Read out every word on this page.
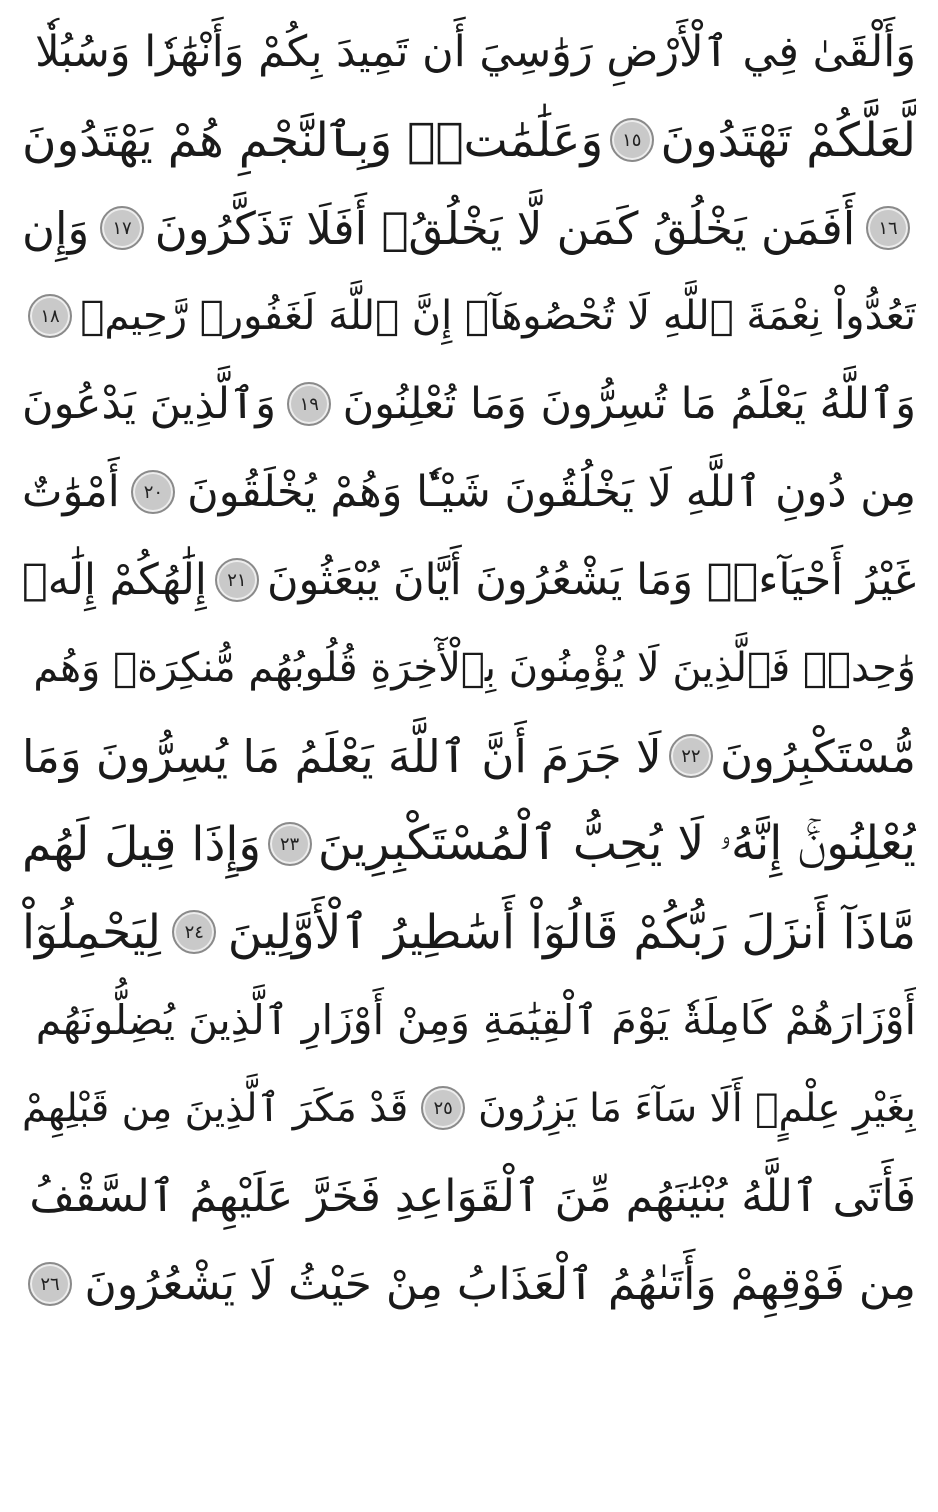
وَأَلْقَىٰ فِي ٱلْأَرْضِ رَوَٰسِيَ أَن تَمِيدَ بِكُمْ وَأَنْهَٰرٗا وَسُبُلٗا
لَّعَلَّكُمْ تَهْتَدُونَ
١٥
وَعَلَٰمَٰتٖۚ وَبِٱلنَّجْمِ هُمْ يَهْتَدُونَ
١٦
أَفَمَن يَخْلُقُ كَمَن لَّا يَخْلُقُۚ أَفَلَا تَذَكَّرُونَ
١٧
وَإِن
تَعُدُّواْ نِعْمَةَ ٱللَّهِ لَا تُحْصُوهَآۗ إِنَّ ٱللَّهَ لَغَفُورٞ رَّحِيمٞ
١٨
وَٱللَّهُ يَعْلَمُ مَا تُسِرُّونَ وَمَا تُعْلِنُونَ
١٩
وَٱلَّذِينَ يَدْعُونَ
مِن دُونِ ٱللَّهِ لَا يَخْلُقُونَ شَيْـٔٗا وَهُمْ يُخْلَقُونَ
٢٠
أَمْوَٰتٌ
غَيْرُ أَحْيَآءٖۖ وَمَا يَشْعُرُونَ أَيَّانَ يُبْعَثُونَ
٢١
إِلَٰهُكُمْ إِلَٰهٞ
وَٰحِدٞۚ فَٱلَّذِينَ لَا يُؤْمِنُونَ بِٱلْأٓخِرَةِ قُلُوبُهُم مُّنكِرَةٞ وَهُم
مُّسْتَكْبِرُونَ
٢٢
لَا جَرَمَ أَنَّ ٱللَّهَ يَعْلَمُ مَا يُسِرُّونَ وَمَا
يُعْلِنُونَۚ إِنَّهُۥ لَا يُحِبُّ ٱلْمُسْتَكْبِرِينَ
٢٣
وَإِذَا قِيلَ لَهُم
مَّاذَآ أَنزَلَ رَبُّكُمْ قَالُوٓاْ أَسَٰطِيرُ ٱلْأَوَّلِينَ
٢٤
لِيَحْمِلُوٓاْ
أَوْزَارَهُمْ كَامِلَةٗ يَوْمَ ٱلْقِيَٰمَةِ وَمِنْ أَوْزَارِ ٱلَّذِينَ يُضِلُّونَهُم
بِغَيْرِ عِلْمٍۗ أَلَا سَآءَ مَا يَزِرُونَ
٢٥
قَدْ مَكَرَ ٱلَّذِينَ مِن قَبْلِهِمْ
فَأَتَى ٱللَّهُ بُنْيَٰنَهُم مِّنَ ٱلْقَوَاعِدِ فَخَرَّ عَلَيْهِمُ ٱلسَّقْفُ
مِن فَوْقِهِمْ وَأَتَىٰهُمُ ٱلْعَذَابُ مِنْ حَيْثُ لَا يَشْعُرُونَ
٢٦
